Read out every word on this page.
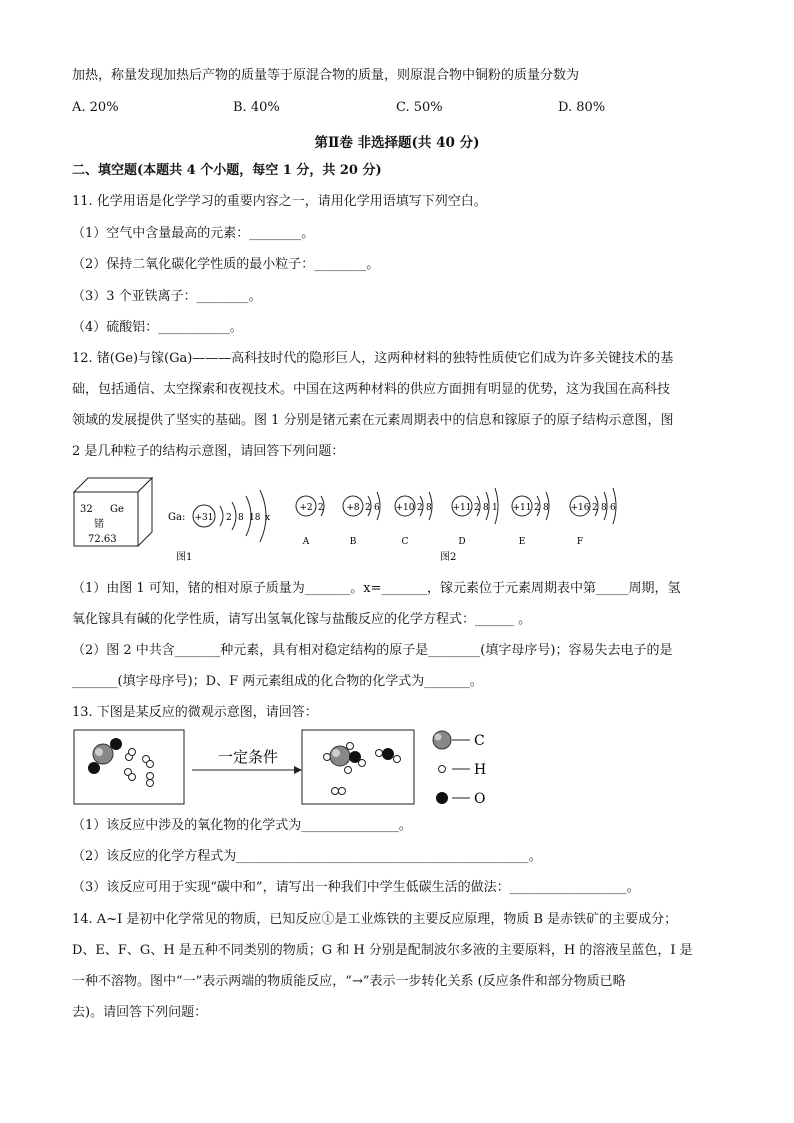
加热，称量发现加热后产物的质量等于原混合物的质量，则原混合物中铜粉的质量分数为
A. 20%	B. 40%	C. 50%	D. 80%
第Ⅱ卷 非选择题(共 40 分)
二、填空题(本题共 4 个小题，每空 1 分，共 20 分)
11. 化学用语是化学学习的重要内容之一，请用化学用语填写下列空白。
（1）空气中含量最高的元素：________。
（2）保持二氧化碳化学性质的最小粒子：________。
（3）3 个亚铁离子：________。
（4）硫酸铝：___________。
12. 锗(Ge)与镓(Ga)———高科技时代的隐形巨人，这两种材料的独特性质使它们成为许多关键技术的基
础，包括通信、太空探索和夜视技术。中国在这两种材料的供应方面拥有明显的优势，这为我国在高科技
领域的发展提供了坚实的基础。图 1 分别是锗元素在元素周期表中的信息和镓原子的原子结构示意图，图
2 是几种粒子的结构示意图，请回答下列问题：
32 Ge
锗
72.63
Ga: +31 2 8 18 x
图1
+2 2
A
+8 2 6
B
+10 2 8
C
+11 2 8 1
D
+11 2 8
E
+16 2 8 6
F
图2
（1）由图 1 可知，锗的相对原子质量为_______。x=_______，镓元素位于元素周期表中第_____周期，氢
氧化镓具有碱的化学性质，请写出氢氧化镓与盐酸反应的化学方程式：______ 。
（2）图 2 中共含_______种元素，具有相对稳定结构的原子是________(填字母序号)；容易失去电子的是
_______(填字母序号)；D、F 两元素组成的化合物的化学式为_______。
13. 下图是某反应的微观示意图，请回答：
一定条件
C
H
O
（1）该反应中涉及的氧化物的化学式为_______________。
（2）该反应的化学方程式为_____________________________________________。
（3）该反应可用于实现“碳中和”，请写出一种我们中学生低碳生活的做法：__________________。
14. A~I 是初中化学常见的物质，已知反应①是工业炼铁的主要反应原理，物质 B 是赤铁矿的主要成分；
D、E、F、G、H 是五种不同类别的物质；G 和 H 分别是配制波尔多液的主要原料，H 的溶液呈蓝色，I 是
一种不溶物。图中“一”表示两端的物质能反应，“→”表示一步转化关系 (反应条件和部分物质已略
去)。请回答下列问题：
